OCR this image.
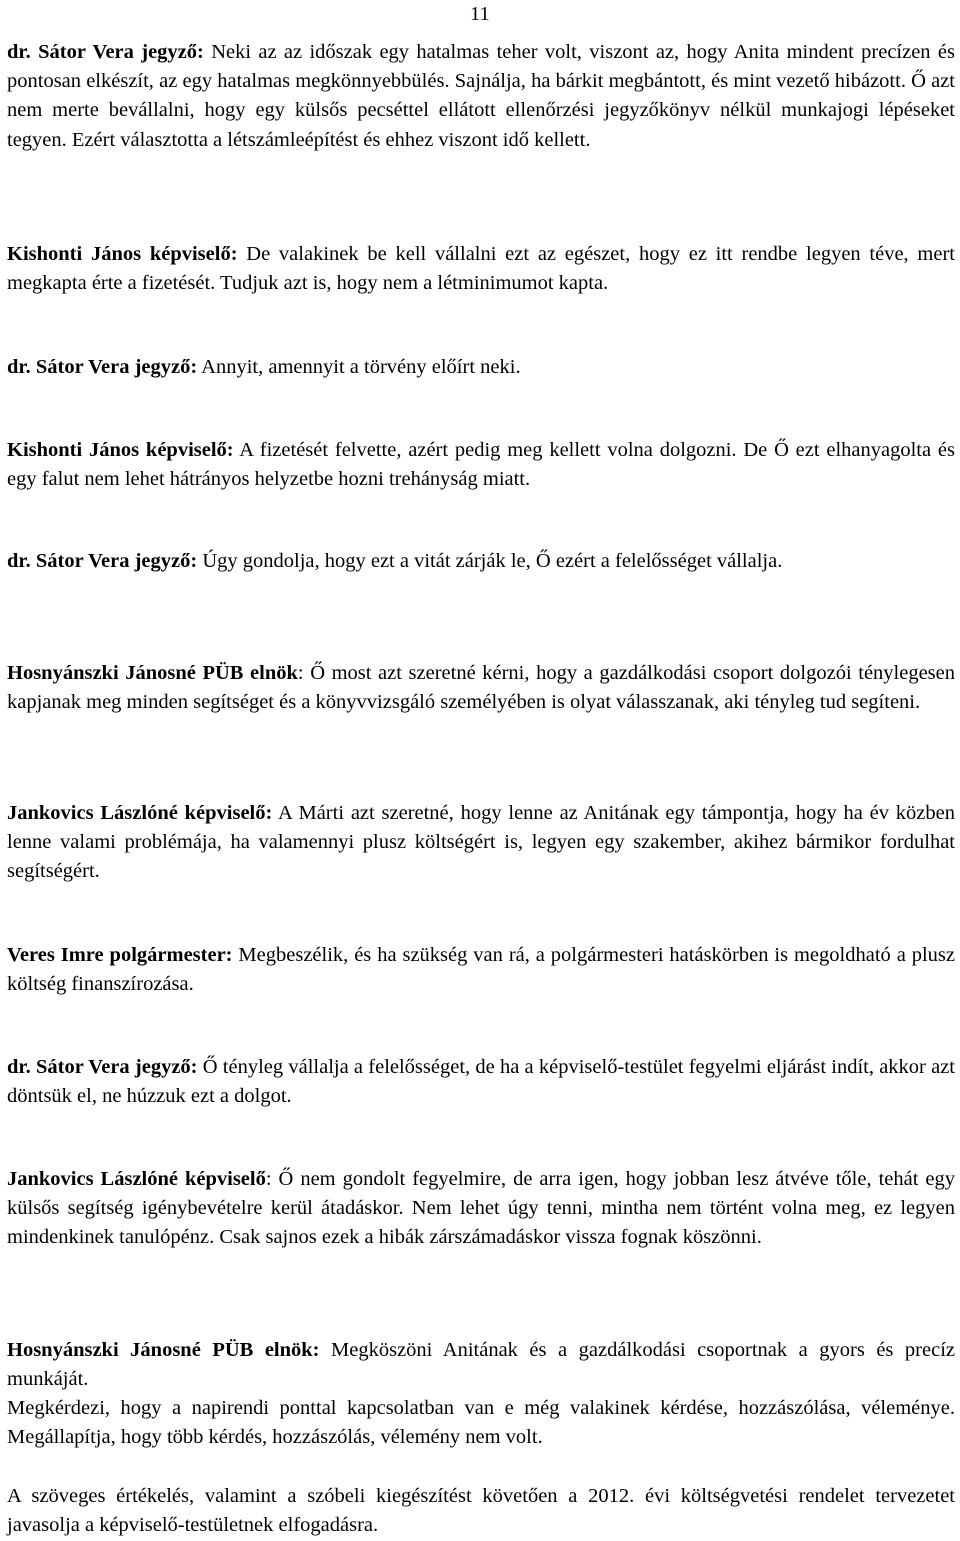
11

dr. Sátor Vera jegyző: Neki az az időszak egy hatalmas teher volt, viszont az, hogy Anita mindent precízen és pontosan elkészít, az egy hatalmas megkönnyebbülés. Sajnálja, ha bárkit megbántott, és mint vezető hibázott. Ő azt nem merte bevállalni, hogy egy külsős pecséttel ellátott ellenőrzési jegyzőkönyv nélkül munkajogi lépéseket tegyen. Ezért választotta a létszámleépítést és ehhez viszont idő kellett.

Kishonti János képviselő: De valakinek be kell vállalni ezt az egészet, hogy ez itt rendbe legyen téve, mert megkapta érte a fizetését. Tudjuk azt is, hogy nem a létminimumot kapta.

dr. Sátor Vera jegyző: Annyit, amennyit a törvény előírt neki.

Kishonti János képviselő: A fizetését felvette, azért pedig meg kellett volna dolgozni. De Ő ezt elhanyagolta és egy falut nem lehet hátrányos helyzetbe hozni trehányság miatt.

dr. Sátor Vera jegyző: Úgy gondolja, hogy ezt a vitát zárják le, Ő ezért a felelősséget vállalja.

Hosnyánszki Jánosné PÜB elnök: Ő most azt szeretné kérni, hogy a gazdálkodási csoport dolgozói ténylegesen kapjanak meg minden segítséget és a könyvvizsgáló személyében is olyat válasszanak, aki tényleg tud segíteni.

Jankovics Lászlóné képviselő: A Márti azt szeretné, hogy lenne az Anitának egy támpontja, hogy ha év közben lenne valami problémája, ha valamennyi plusz költségért is, legyen egy szakember, akihez bármikor fordulhat segítségért.

Veres Imre polgármester: Megbeszélik, és ha szükség van rá, a polgármesteri hatáskörben is megoldható a plusz költség finanszírozása.

dr. Sátor Vera jegyző: Ő tényleg vállalja a felelősséget, de ha a képviselő-testület fegyelmi eljárást indít, akkor azt döntsük el, ne húzzuk ezt a dolgot.

Jankovics Lászlóné képviselő: Ő nem gondolt fegyelmire, de arra igen, hogy jobban lesz átvéve tőle, tehát egy külsős segítség igénybevételre kerül átadáskor. Nem lehet úgy tenni, mintha nem történt volna meg, ez legyen mindenkinek tanulópénz. Csak sajnos ezek a hibák zárszámadáskor vissza fognak köszönni.

Hosnyánszki Jánosné PÜB elnök: Megköszöni Anitának és a gazdálkodási csoportnak a gyors és precíz munkáját.

Megkérdezi, hogy a napirendi ponttal kapcsolatban van e még valakinek kérdése, hozzászólása, véleménye. Megállapítja, hogy több kérdés, hozzászólás, vélemény nem volt.

A szöveges értékelés, valamint a szóbeli kiegészítést követően a 2012. évi költségvetési rendelet tervezetet javasolja a képviselő-testületnek elfogadásra.
